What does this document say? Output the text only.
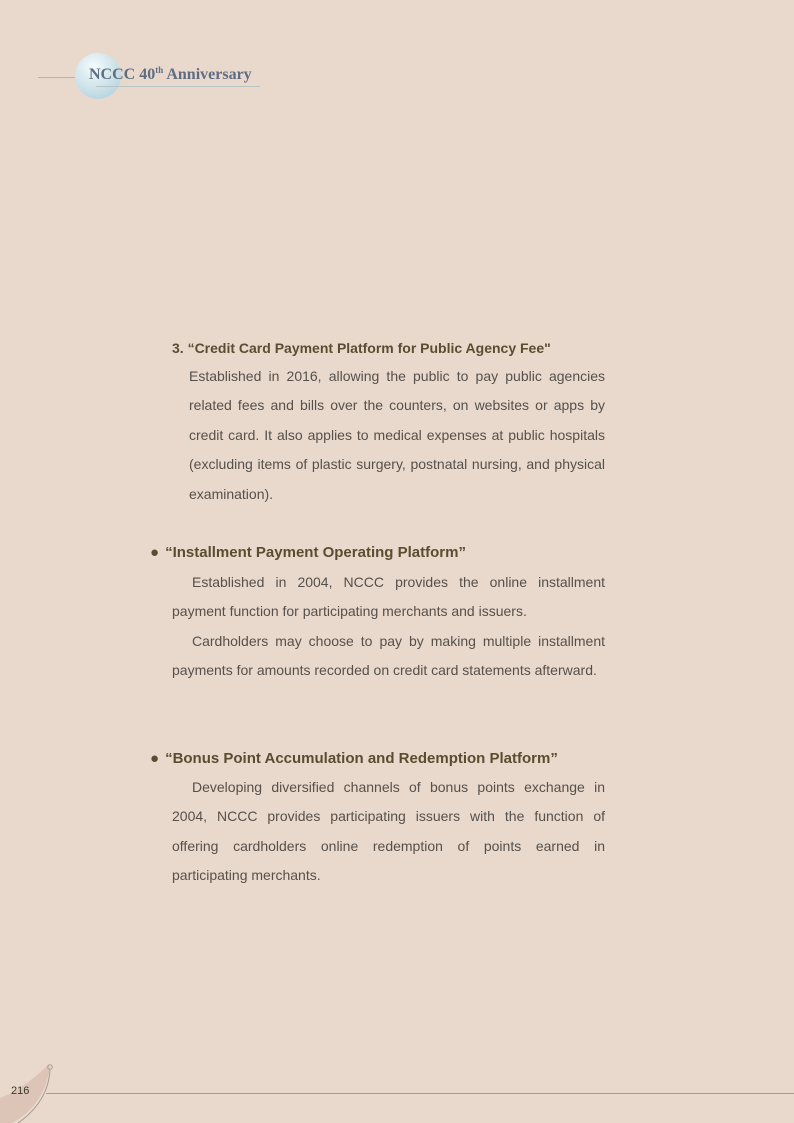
NCCC 40th Anniversary
3. “Credit Card Payment Platform for Public Agency Fee"

Established in 2016, allowing the public to pay public agencies related fees and bills over the counters, on websites or apps by credit card. It also applies to medical expenses at public hospitals (excluding items of plastic surgery, postnatal nursing, and physical examination).

● “Installment Payment Operating Platform”

Established in 2004, NCCC provides the online installment payment function for participating merchants and issuers.

Cardholders may choose to pay by making multiple installment payments for amounts recorded on credit card statements afterward.

● “Bonus Point Accumulation and Redemption Platform”

Developing diversified channels of bonus points exchange in 2004, NCCC provides participating issuers with the function of offering cardholders online redemption of points earned in participating merchants.

216
